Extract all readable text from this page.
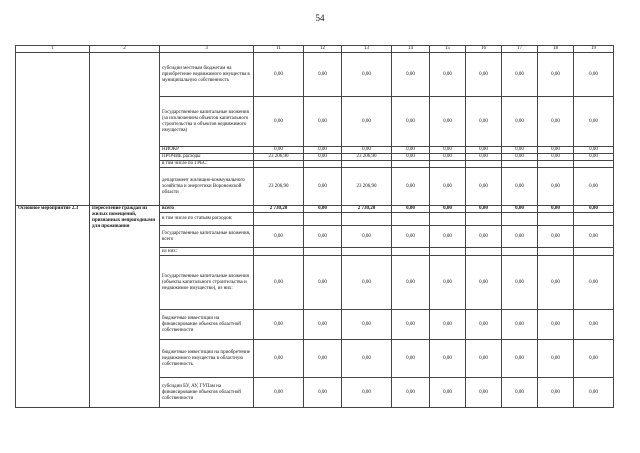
54
1	2	3	11	12	13	14	15	16	17	18	19
		субсидии местным бюджетам на приобретение недвижимого имущества в муниципальную собственность	0,00	0,00	0,00	0,00	0,00	0,00	0,00	0,00	0,00
		Государственные капитальные вложения (за исключением объектов капитального строительства и объектов недвижимого имущества)	0,00	0,00	0,00	0,00	0,00	0,00	0,00	0,00	0,00
		НИОКР	0,00	0,00	0,00	0,00	0,00	0,00	0,00	0,00	0,00
		ПРОЧИЕ расходы	23 206,90	0,00	23 206,90	0,00	0,00	0,00	0,00	0,00	0,00
		в том числе по ГРБС:									
		департамент жилищно-коммунального хозяйства и энергетики Воронежской области	23 206,90	0,00	23 206,90	0,00	0,00	0,00	0,00	0,00	0,00
Основное мероприятие 2.3	Переселение граждан из жилых помещений, признанных непригодными для проживания	всего	2 730,20	0,00	2 730,20	0,00	0,00	0,00	0,00	0,00	0,00
		в том числе по статьям расходов:									
		Государственные капитальные вложения, всего	0,00	0,00	0,00	0,00	0,00	0,00	0,00	0,00	0,00
		из них:									
		Государственные капитальные вложения (объекты капитального строительства и недвижимое имущество), из них:	0,00	0,00	0,00	0,00	0,00	0,00	0,00	0,00	0,00
		бюджетные инвестиции на финансирование объектов областной собственности	0,00	0,00	0,00	0,00	0,00	0,00	0,00	0,00	0,00
		бюджетные инвестиции на приобретение недвижимого имущества в областную собственность	0,00	0,00	0,00	0,00	0,00	0,00	0,00	0,00	0,00
		субсидии БУ, АУ, ГУПам на финансирование объектов областной собственности	0,00	0,00	0,00	0,00	0,00	0,00	0,00	0,00	0,00
